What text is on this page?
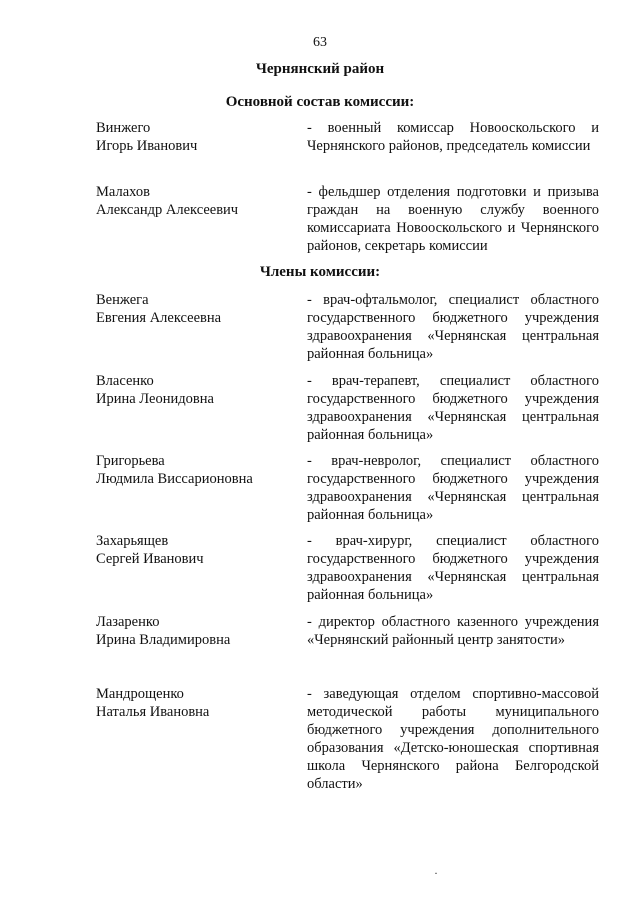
63
Чернянский район
Основной состав комиссии:
Винжего
Игорь Иванович
- военный комиссар Новооскольского и Чернянского районов, председатель комиссии
Малахов
Александр Алексеевич
- фельдшер отделения подготовки и призыва граждан на военную службу военного комиссариата Новооскольского и Чернянского районов, секретарь комиссии
Члены комиссии:
Венжега
Евгения Алексеевна
- врач-офтальмолог, специалист областного государственного бюджетного учреждения здравоохранения «Чернянская центральная районная больница»
Власенко
Ирина Леонидовна
- врач-терапевт, специалист областного государственного бюджетного учреждения здравоохранения «Чернянская центральная районная больница»
Григорьева
Людмила Виссарионовна
- врач-невролог, специалист областного государственного бюджетного учреждения здравоохранения «Чернянская центральная районная больница»
Захарьящев
Сергей Иванович
- врач-хирург, специалист областного государственного бюджетного учреждения здравоохранения «Чернянская центральная районная больница»
Лазаренко
Ирина Владимировна
- директор областного казенного учреждения «Чернянский районный центр занятости»
Мандрощенко
Наталья Ивановна
- заведующая отделом спортивно-массовой методической работы муниципального бюджетного учреждения дополнительного образования «Детско-юношеская спортивная школа Чернянского района Белгородской области»
·
